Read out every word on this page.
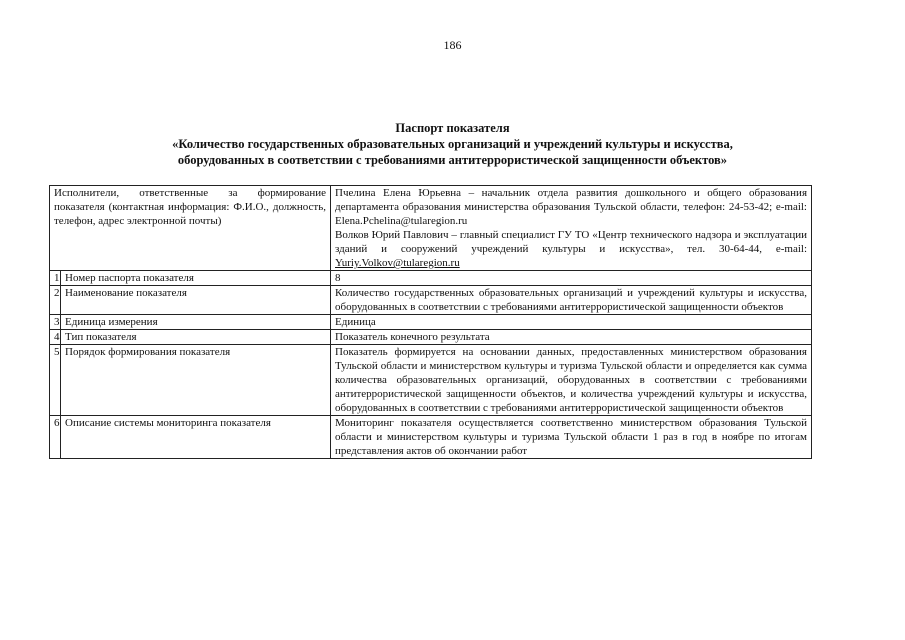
186
Паспорт показателя
«Количество государственных образовательных организаций и учреждений культуры и искусства,
оборудованных в соответствии с требованиями антитеррористической защищенности объектов»
Исполнители, ответственные за формирование показателя (контактная информация: Ф.И.О., должность, телефон, адрес электронной почты)		Пчелина Елена Юрьевна – начальник отдела развития дошкольного и общего образования департамента образования министерства образования Тульской области, телефон: 24-53-42; e-mail: Elena.Pchelina@tularegion.ru
Волков Юрий Павлович – главный специалист ГУ ТО «Центр технического надзора и эксплуатации зданий и сооружений учреждений культуры и искусства», тел. 30-64-44, e-mail: Yuriy.Volkov@tularegion.ru

1	Номер паспорта показателя	8
2	Наименование показателя	Количество государственных образовательных организаций и учреждений культуры и искусства, оборудованных в соответствии с требованиями антитеррористической защищенности объектов
3	Единица измерения	Единица
4	Тип показателя	Показатель конечного результата
5	Порядок формирования показателя	Показатель формируется на основании данных, предоставленных министерством образования Тульской области и министерством культуры и туризма Тульской области и определяется как сумма количества образовательных организаций, оборудованных в соответствии с требованиями антитеррористической защищенности объектов, и количества учреждений культуры и искусства, оборудованных в соответствии с требованиями антитеррористической защищенности объектов
6	Описание системы мониторинга показателя	Мониторинг показателя осуществляется соответственно министерством образования Тульской области и министерством культуры и туризма Тульской области 1 раз в год в ноябре по итогам представления актов об окончании работ
